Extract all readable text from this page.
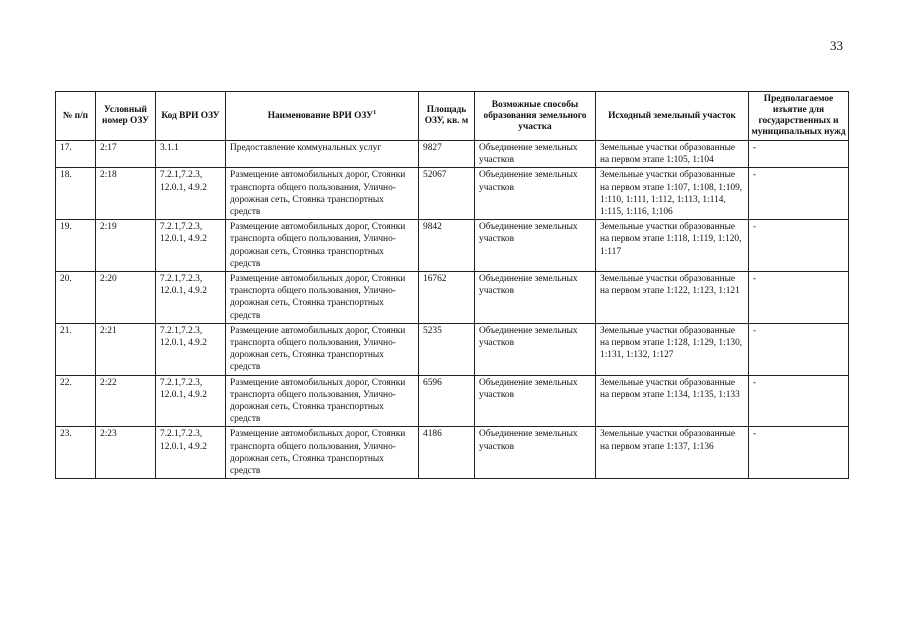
33
№ п/п	Условный номер ОЗУ	Код ВРИ ОЗУ	Наименование ВРИ ОЗУ$^1$	Площадь ОЗУ, кв. м	Возможные способы образования земельного участка	Исходный земельный участок	Предполагаемое изъятие для государственных и муниципальных нужд
17.	2:17	3.1.1	Предоставление коммунальных услуг	9827	Объединение земельных участков	Земельные участки образованные на первом этапе 1:105, 1:104	-
18.	2:18	7.2.1,7.2.3, 12.0.1, 4.9.2	Размещение автомобильных дорог, Стоянки транспорта общего пользования, Улично-дорожная сеть, Стоянка транспортных средств	52067	Объединение земельных участков	Земельные участки образованные на первом этапе 1:107, 1:108, 1:109, 1:110, 1:111, 1:112, 1:113, 1:114, 1:115, 1:116, 1:106	-
19.	2:19	7.2.1,7.2.3, 12.0.1, 4.9.2	Размещение автомобильных дорог, Стоянки транспорта общего пользования, Улично-дорожная сеть, Стоянка транспортных средств	9842	Объединение земельных участков	Земельные участки образованные на первом этапе 1:118, 1:119, 1:120, 1:117	-
20.	2:20	7.2.1,7.2.3, 12.0.1, 4.9.2	Размещение автомобильных дорог, Стоянки транспорта общего пользования, Улично-дорожная сеть, Стоянка транспортных средств	16762	Объединение земельных участков	Земельные участки образованные на первом этапе 1:122, 1:123, 1:121	-
21.	2:21	7.2.1,7.2.3, 12.0.1, 4.9.2	Размещение автомобильных дорог, Стоянки транспорта общего пользования, Улично-дорожная сеть, Стоянка транспортных средств	5235	Объединение земельных участков	Земельные участки образованные на первом этапе 1:128, 1:129, 1:130, 1:131, 1:132, 1:127	-
22.	2:22	7.2.1,7.2.3, 12.0.1, 4.9.2	Размещение автомобильных дорог, Стоянки транспорта общего пользования, Улично-дорожная сеть, Стоянка транспортных средств	6596	Объединение земельных участков	Земельные участки образованные на первом этапе 1:134, 1:135, 1:133	-
23.	2:23	7.2.1,7.2.3, 12.0.1, 4.9.2	Размещение автомобильных дорог, Стоянки транспорта общего пользования, Улично-дорожная сеть, Стоянка транспортных средств	4186	Объединение земельных участков	Земельные участки образованные на первом этапе 1:137, 1:136	-
